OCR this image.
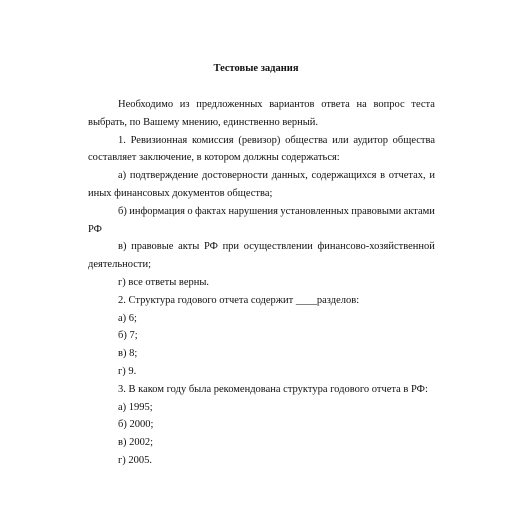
Тестовые задания
Необходимо из предложенных вариантов ответа на вопрос теста
выбрать, по Вашему мнению, единственно верный.
1. Ревизионная комиссия (ревизор) общества или аудитор общества
составляет заключение, в котором должны содержаться:
а) подтверждение достоверности данных, содержащихся в отчетах, и
иных финансовых документов общества;
б) информация о фактах нарушения установленных правовыми актами
РФ
в) правовые акты РФ при осуществлении финансово-хозяйственной
деятельности;
г) все ответы верны.
2. Структура годового отчета содержит ____разделов:
а) 6;
б) 7;
в) 8;
г) 9.
3. В каком году была рекомендована структура годового отчета в РФ:
а) 1995;
б) 2000;
в) 2002;
г) 2005.
